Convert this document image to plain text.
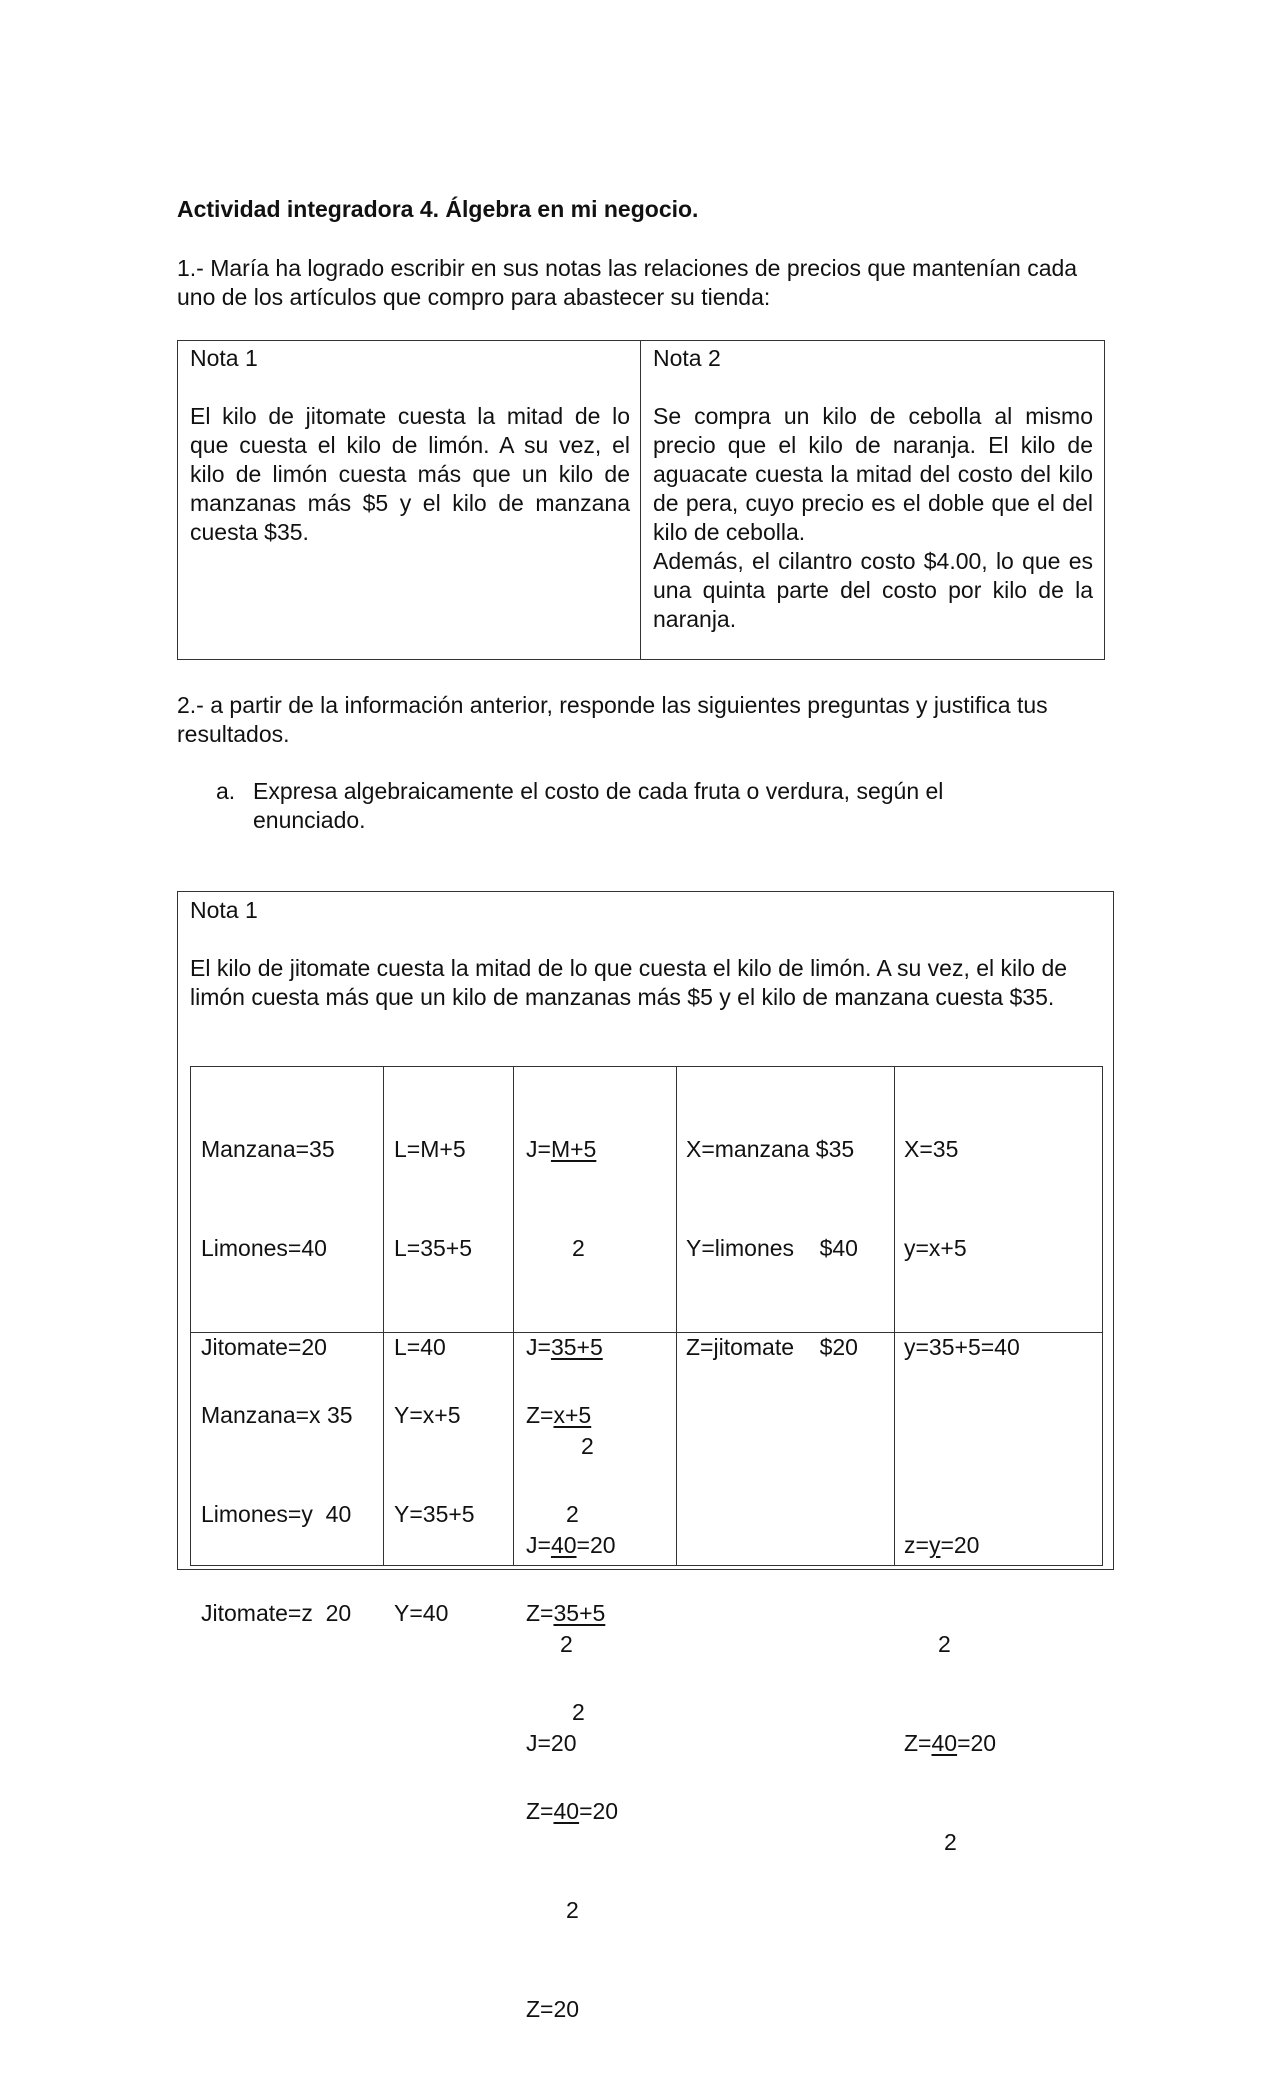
Actividad integradora 4. Álgebra en mi negocio.
1.- María ha logrado escribir en sus notas las relaciones de precios que mantenían cada uno de los artículos que compro para abastecer su tienda:
Nota 1
El kilo de jitomate cuesta la mitad de lo que cuesta el kilo de limón. A su vez, el kilo de limón cuesta más que un kilo de manzanas más $5 y el kilo de manzana cuesta $35.
Nota 2
Se compra un kilo de cebolla al mismo precio que el kilo de naranja. El kilo de aguacate cuesta la mitad del costo del kilo de pera, cuyo precio es el doble que el del kilo de cebolla.
Además, el cilantro costo $4.00, lo que es una quinta parte del costo por kilo de la naranja.
2.- a partir de la información anterior, responde las siguientes preguntas y justifica tus resultados.
a. Expresa algebraicamente el costo de cada fruta o verdura, según el enunciado.
Nota 1
El kilo de jitomate cuesta la mitad de lo que cuesta el kilo de limón. A su vez, el kilo de limón cuesta más que un kilo de manzanas más $5 y el kilo de manzana cuesta $35.

Manzana=35

Limones=40

Jitomate=20

L=M+5

L=35+5

L=40

J=M+5

2

J=35+5

2

J=40=20

2

J=20

X=manzana $35

Y=limones    $40

Z=jitomate    $20

X=35

y=x+5

y=35+5=40

z=y=20

2

Z=40=20

2

Manzana=x 35

Limones=y  40

Jitomate=z  20

Y=x+5

Y=35+5

Y=40

Z=x+5

2

Z=35+5

2

Z=40=20

2

Z=20
